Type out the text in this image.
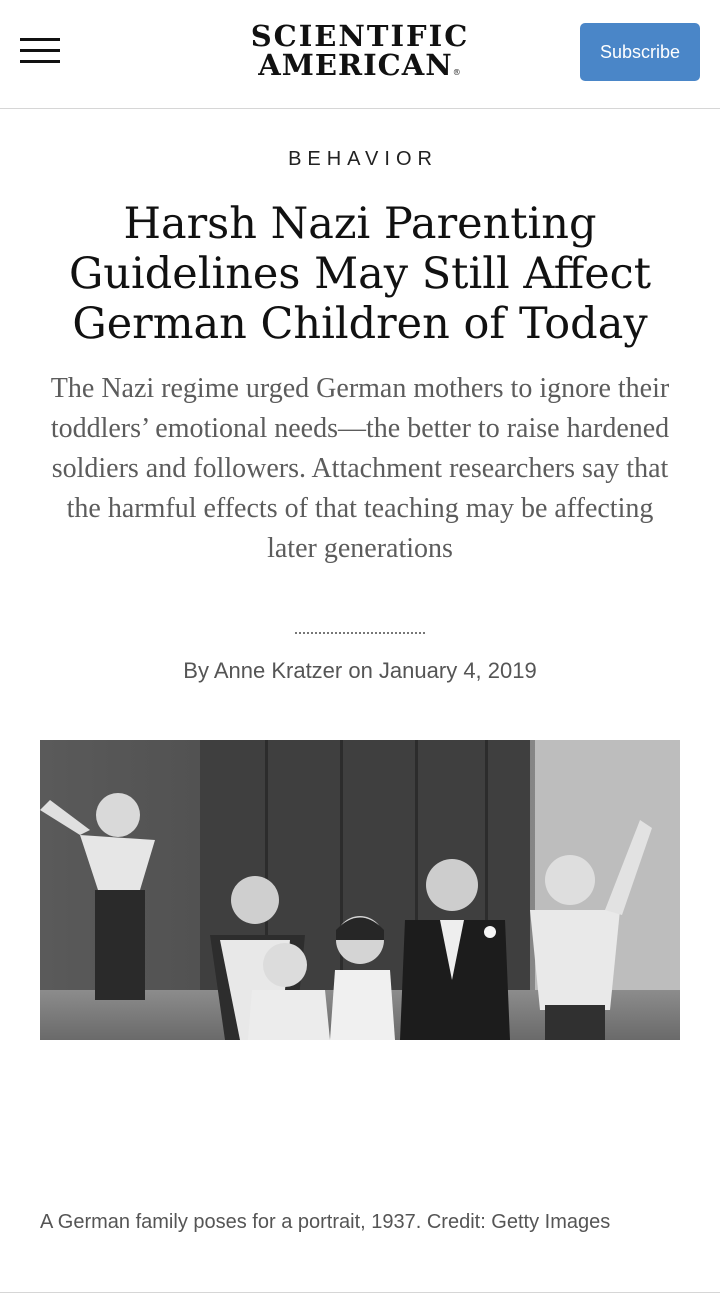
SCIENTIFIC
AMERICAN®
Subscribe
BEHAVIOR
Harsh Nazi Parenting Guidelines May Still Affect German Children of Today

The Nazi regime urged German mothers to ignore their toddlers’ emotional needs—the better to raise hardened soldiers and followers. Attachment researchers say that the harmful effects of that teaching may be affecting later generations

By Anne Kratzer on January 4, 2019
A German family poses for a portrait, 1937. Credit: Getty Images
